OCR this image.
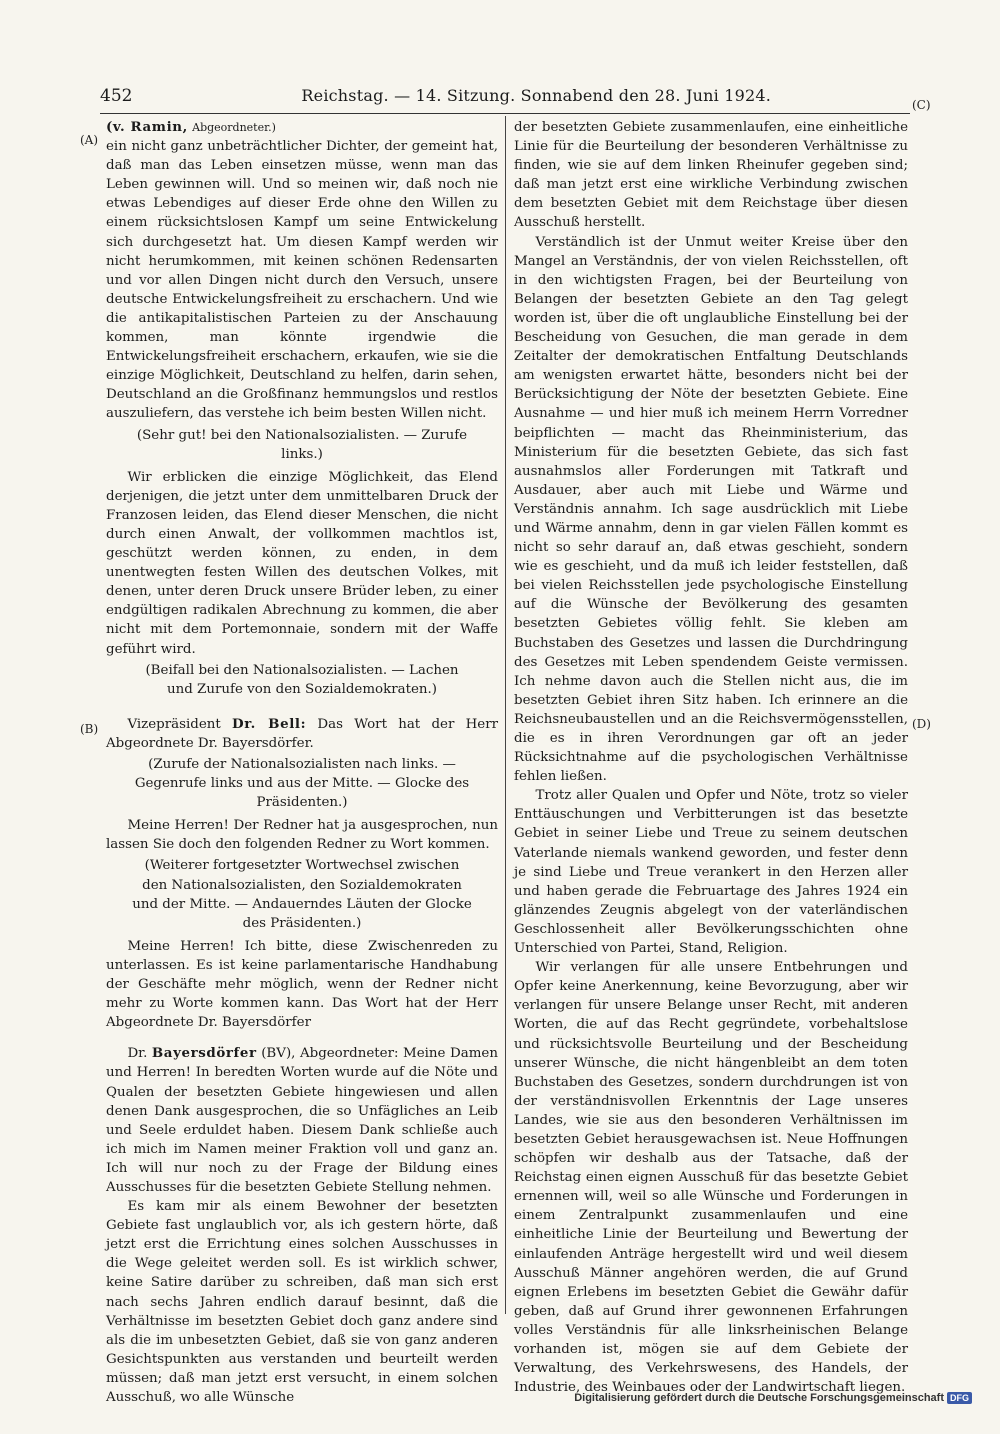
452	Reichstag. — 14. Sitzung. Sonnabend den 28. Juni 1924.
(A)
(B)
(C)
(D)

(v. Ramin, Abgeordneter.)

ein nicht ganz unbeträchtlicher Dichter, der gemeint hat, daß man das Leben einsetzen müsse, wenn man das Leben gewinnen will. Und so meinen wir, daß noch nie etwas Lebendiges auf dieser Erde ohne den Willen zu einem rücksichtslosen Kampf um seine Entwickelung sich durchgesetzt hat. Um diesen Kampf werden wir nicht herumkommen, mit keinen schönen Redensarten und vor allen Dingen nicht durch den Versuch, unsere deutsche Entwickelungsfreiheit zu erschachern. Und wie die antikapitalistischen Parteien zu der Anschauung kommen, man könnte irgendwie die Entwickelungsfreiheit erschachern, erkaufen, wie sie die einzige Möglichkeit, Deutschland zu helfen, darin sehen, Deutschland an die Großfinanz hemmungslos und restlos auszuliefern, das verstehe ich beim besten Willen nicht.

(Sehr gut! bei den Nationalsozialisten. — Zurufe links.)

Wir erblicken die einzige Möglichkeit, das Elend derjenigen, die jetzt unter dem unmittelbaren Druck der Franzosen leiden, das Elend dieser Menschen, die nicht durch einen Anwalt, der vollkommen machtlos ist, geschützt werden können, zu enden, in dem unentwegten festen Willen des deutschen Volkes, mit denen, unter deren Druck unsere Brüder leben, zu einer endgültigen radikalen Abrechnung zu kommen, die aber nicht mit dem Portemonnaie, sondern mit der Waffe geführt wird.

(Beifall bei den Nationalsozialisten. — Lachen und Zurufe von den Sozialdemokraten.)

Vizepräsident Dr. Bell: Das Wort hat der Herr Abgeordnete Dr. Bayersdörfer.

(Zurufe der Nationalsozialisten nach links. — Gegenrufe links und aus der Mitte. — Glocke des Präsidenten.)

Meine Herren! Der Redner hat ja ausgesprochen, nun lassen Sie doch den folgenden Redner zu Wort kommen.

(Weiterer fortgesetzter Wortwechsel zwischen den Nationalsozialisten, den Sozialdemokraten und der Mitte. — Andauerndes Läuten der Glocke des Präsidenten.)

Meine Herren! Ich bitte, diese Zwischenreden zu unterlassen. Es ist keine parlamentarische Handhabung der Geschäfte mehr möglich, wenn der Redner nicht mehr zu Worte kommen kann. Das Wort hat der Herr Abgeordnete Dr. Bayersdörfer

Dr. Bayersdörfer (BV), Abgeordneter: Meine Damen und Herren! In beredten Worten wurde auf die Nöte und Qualen der besetzten Gebiete hingewiesen und allen denen Dank ausgesprochen, die so Unfägliches an Leib und Seele erduldet haben. Diesem Dank schließe auch ich mich im Namen meiner Fraktion voll und ganz an. Ich will nur noch zu der Frage der Bildung eines Ausschusses für die besetzten Gebiete Stellung nehmen.

Es kam mir als einem Bewohner der besetzten Gebiete fast unglaublich vor, als ich gestern hörte, daß jetzt erst die Errichtung eines solchen Ausschusses in die Wege geleitet werden soll. Es ist wirklich schwer, keine Satire darüber zu schreiben, daß man sich erst nach sechs Jahren endlich darauf besinnt, daß die Verhältnisse im besetzten Gebiet doch ganz andere sind als die im unbesetzten Gebiet, daß sie von ganz anderen Gesichtspunkten aus verstanden und beurteilt werden müssen; daß man jetzt erst versucht, in einem solchen Ausschuß, wo alle Wünsche

der besetzten Gebiete zusammenlaufen, eine einheitliche Linie für die Beurteilung der besonderen Verhältnisse zu finden, wie sie auf dem linken Rheinufer gegeben sind; daß man jetzt erst eine wirkliche Verbindung zwischen dem besetzten Gebiet mit dem Reichstage über diesen Ausschuß herstellt.

Verständlich ist der Unmut weiter Kreise über den Mangel an Verständnis, der von vielen Reichsstellen, oft in den wichtigsten Fragen, bei der Beurteilung von Belangen der besetzten Gebiete an den Tag gelegt worden ist, über die oft unglaubliche Einstellung bei der Bescheidung von Gesuchen, die man gerade in dem Zeitalter der demokratischen Entfaltung Deutschlands am wenigsten erwartet hätte, besonders nicht bei der Berücksichtigung der Nöte der besetzten Gebiete. Eine Ausnahme — und hier muß ich meinem Herrn Vorredner beipflichten — macht das Rheinministerium, das Ministerium für die besetzten Gebiete, das sich fast ausnahmslos aller Forderungen mit Tatkraft und Ausdauer, aber auch mit Liebe und Wärme und Verständnis annahm. Ich sage ausdrücklich mit Liebe und Wärme annahm, denn in gar vielen Fällen kommt es nicht so sehr darauf an, daß etwas geschieht, sondern wie es geschieht, und da muß ich leider feststellen, daß bei vielen Reichsstellen jede psychologische Einstellung auf die Wünsche der Bevölkerung des gesamten besetzten Gebietes völlig fehlt. Sie kleben am Buchstaben des Gesetzes und lassen die Durchdringung des Gesetzes mit Leben spendendem Geiste vermissen. Ich nehme davon auch die Stellen nicht aus, die im besetzten Gebiet ihren Sitz haben. Ich erinnere an die Reichsneubaustellen und an die Reichsvermögensstellen, die es in ihren Verordnungen gar oft an jeder Rücksichtnahme auf die psychologischen Verhältnisse fehlen ließen.

Trotz aller Qualen und Opfer und Nöte, trotz so vieler Enttäuschungen und Verbitterungen ist das besetzte Gebiet in seiner Liebe und Treue zu seinem deutschen Vaterlande niemals wankend geworden, und fester denn je sind Liebe und Treue verankert in den Herzen aller und haben gerade die Februartage des Jahres 1924 ein glänzendes Zeugnis abgelegt von der vaterländischen Geschlossenheit aller Bevölkerungsschichten ohne Unterschied von Partei, Stand, Religion.

Wir verlangen für alle unsere Entbehrungen und Opfer keine Anerkennung, keine Bevorzugung, aber wir verlangen für unsere Belange unser Recht, mit anderen Worten, die auf das Recht gegründete, vorbehaltslose und rücksichtsvolle Beurteilung und der Bescheidung unserer Wünsche, die nicht hängenbleibt an dem toten Buchstaben des Gesetzes, sondern durchdrungen ist von der verständnisvollen Erkenntnis der Lage unseres Landes, wie sie aus den besonderen Verhältnissen im besetzten Gebiet herausgewachsen ist. Neue Hoffnungen schöpfen wir deshalb aus der Tatsache, daß der Reichstag einen eignen Ausschuß für das besetzte Gebiet ernennen will, weil so alle Wünsche und Forderungen in einem Zentralpunkt zusammenlaufen und eine einheitliche Linie der Beurteilung und Bewertung der einlaufenden Anträge hergestellt wird und weil diesem Ausschuß Männer angehören werden, die auf Grund eignen Erlebens im besetzten Gebiet die Gewähr dafür geben, daß auf Grund ihrer gewonnenen Erfahrungen volles Verständnis für alle linksrheinischen Belange vorhanden ist, mögen sie auf dem Gebiete der Verwaltung, des Verkehrswesens, des Handels, der Industrie, des Weinbaues oder der Landwirtschaft liegen.

Digitalisierung gefördert durch die Deutsche Forschungsgemeinschaft DFG
